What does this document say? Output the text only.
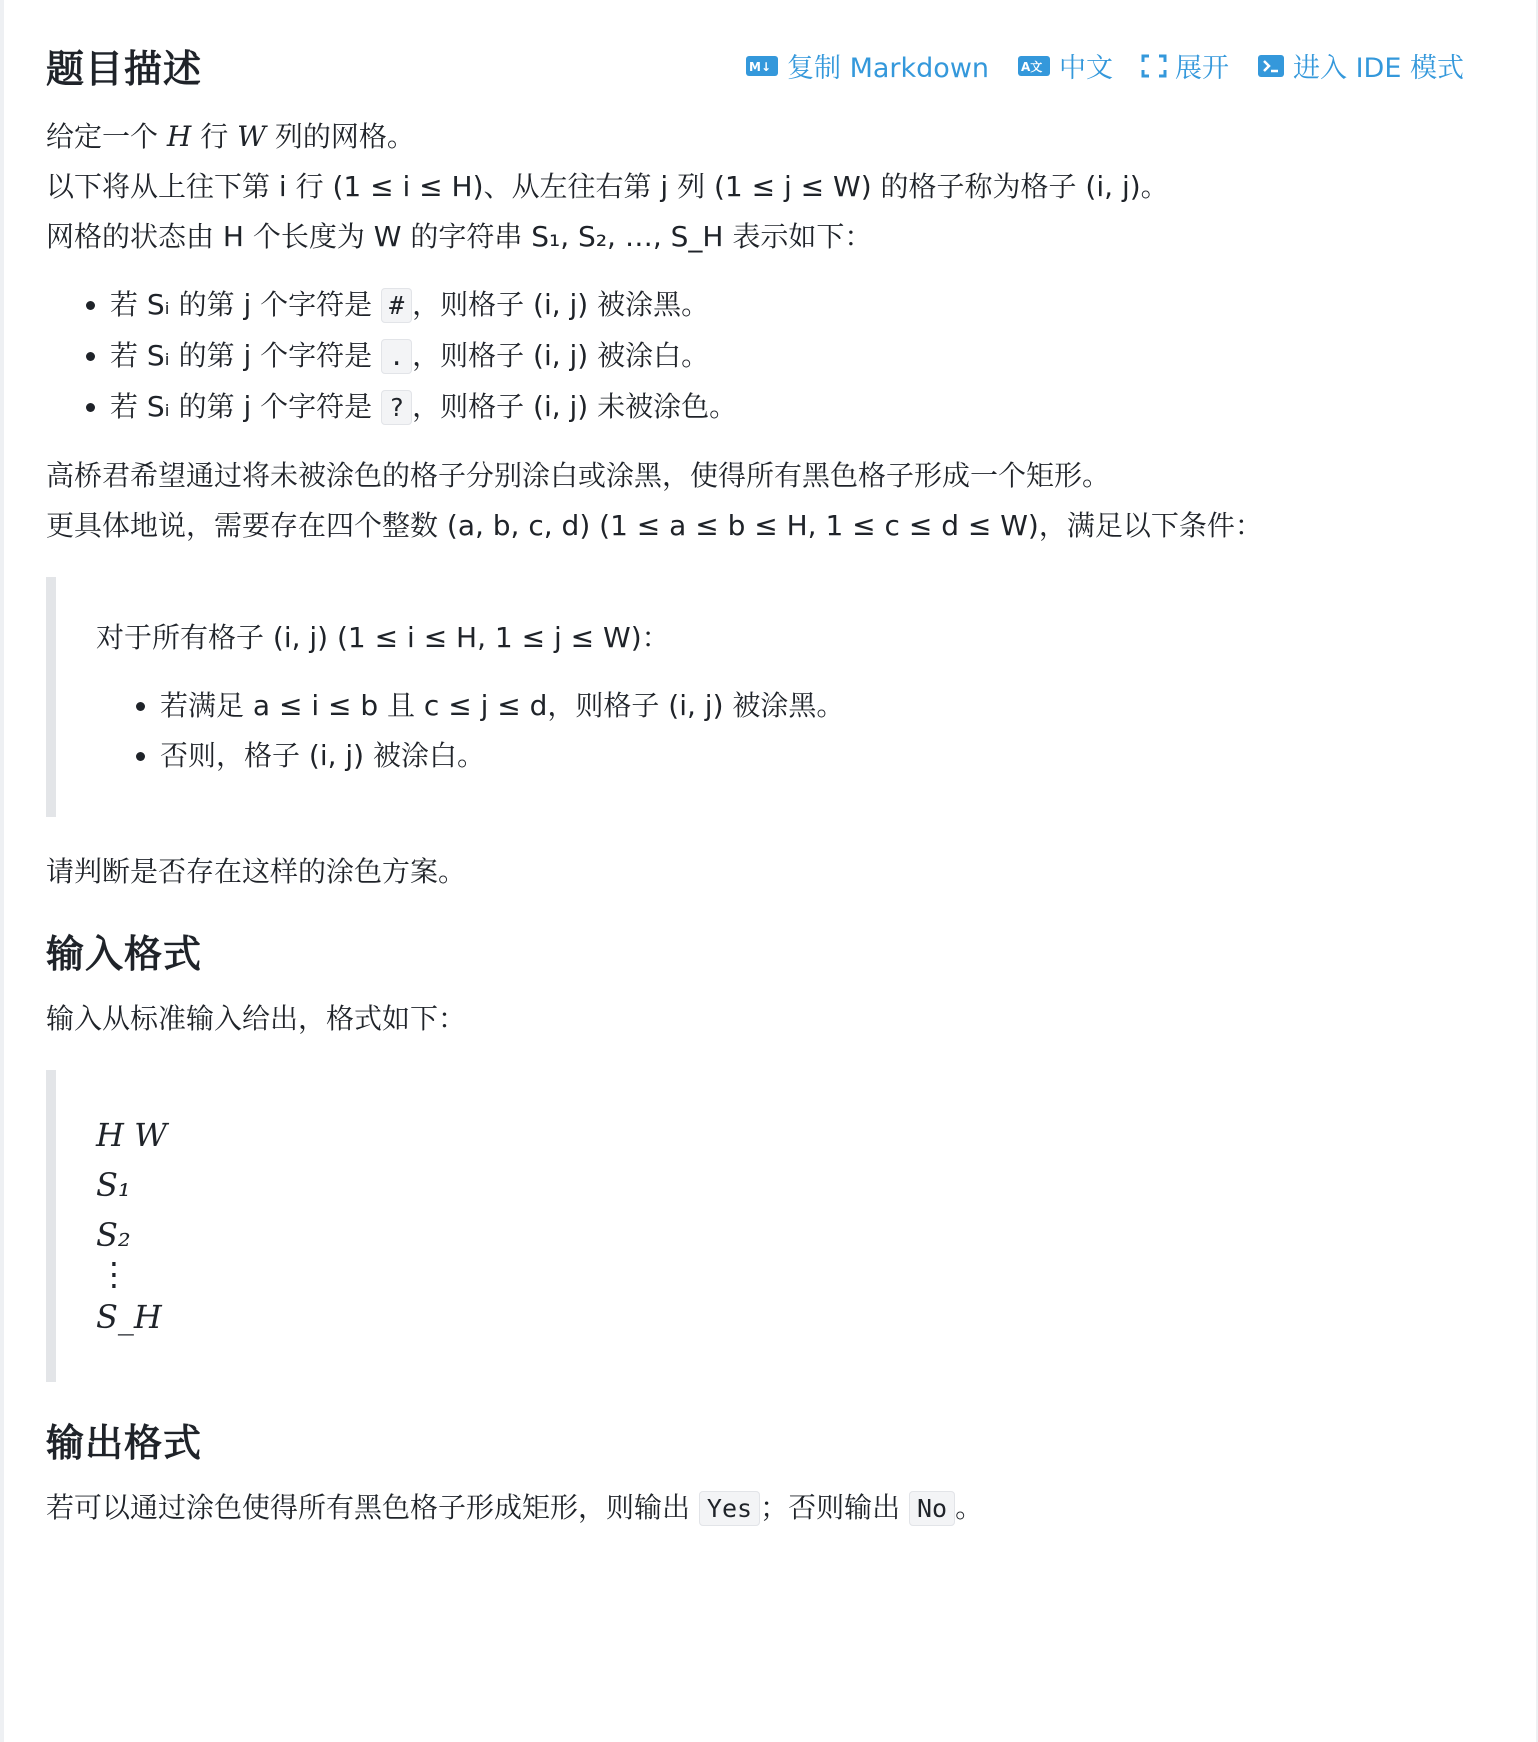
题目描述	M↓ 复制 Markdown	A文 中文 展开 进入 IDE 模式

给定一个 H 行 W 列的网格。

以下将从上往下第 i 行 (1 ≤ i ≤ H)、从左往右第 j 列 (1 ≤ j ≤ W) 的格子称为格子 (i, j)。

网格的状态由 H 个长度为 W 的字符串 S₁, S₂, …, S_H 表示如下：

• 若 Sᵢ 的第 j 个字符是 # ，则格子 (i, j) 被涂黑。
• 若 Sᵢ 的第 j 个字符是 . ，则格子 (i, j) 被涂白。
• 若 Sᵢ 的第 j 个字符是 ? ，则格子 (i, j) 未被涂色。

高桥君希望通过将未被涂色的格子分别涂白或涂黑，使得所有黑色格子形成一个矩形。

更具体地说，需要存在四个整数 (a, b, c, d) (1 ≤ a ≤ b ≤ H, 1 ≤ c ≤ d ≤ W)，满足以下条件：

对于所有格子 (i, j) (1 ≤ i ≤ H, 1 ≤ j ≤ W)：

• 若满足 a ≤ i ≤ b 且 c ≤ j ≤ d，则格子 (i, j) 被涂黑。
• 否则，格子 (i, j) 被涂白。

请判断是否存在这样的涂色方案。

输入格式

输入从标准输入给出，格式如下：

H W
S₁
S₂
⋮
S_H
输出格式

若可以通过涂色使得所有黑色格子形成矩形，则输出 Yes ；否则输出 No 。
